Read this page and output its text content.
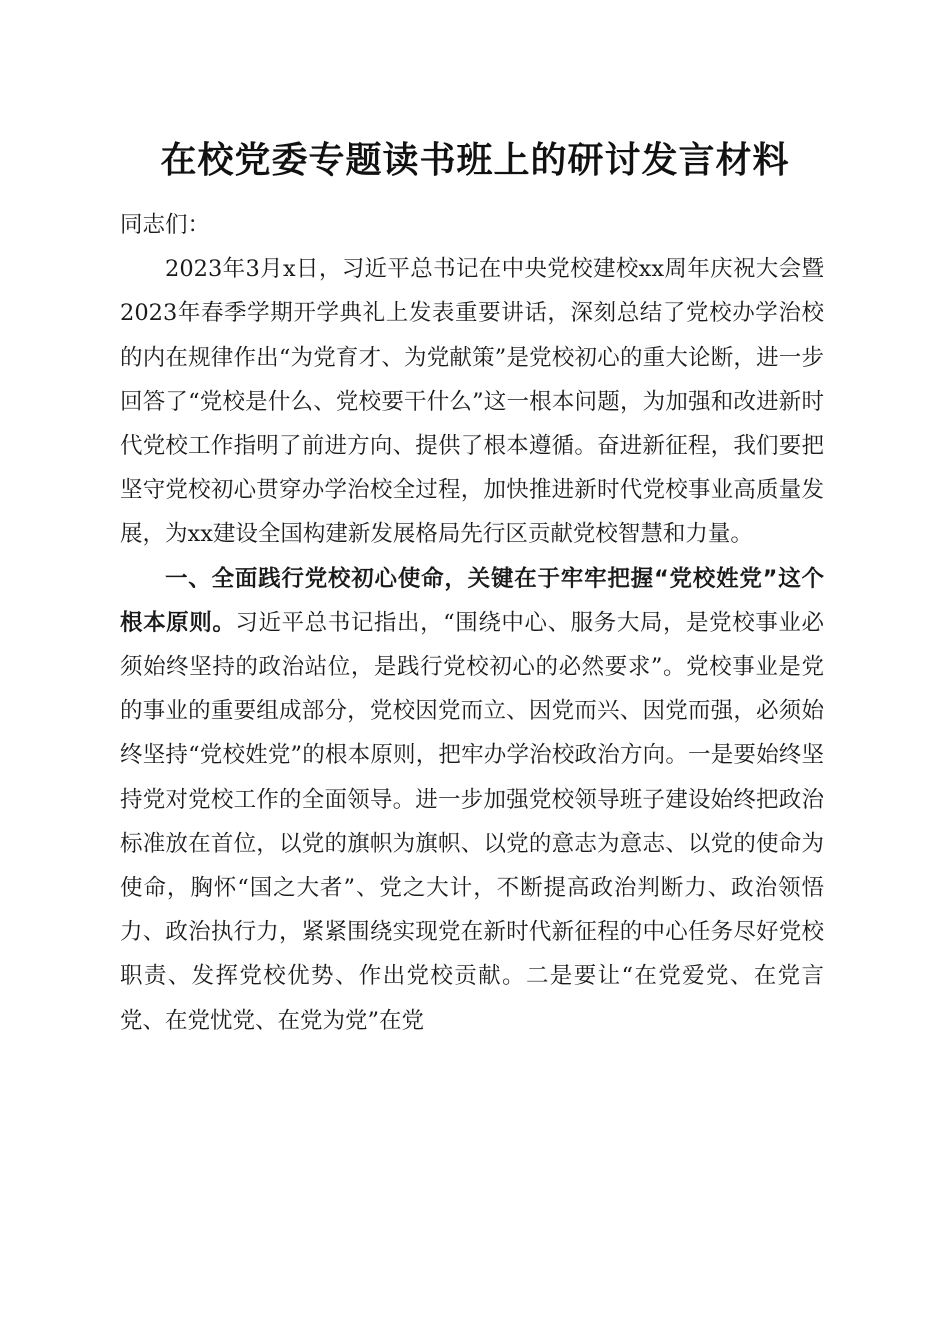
在校党委专题读书班上的研讨发言材料

同志们：

2023年3月x日，习近平总书记在中央党校建校xx周年庆祝大会暨2023年春季学期开学典礼上发表重要讲话，深刻总结了党校办学治校的内在规律作出“为党育才、为党献策”是党校初心的重大论断，进一步回答了“党校是什么、党校要干什么”这一根本问题，为加强和改进新时代党校工作指明了前进方向、提供了根本遵循。奋进新征程，我们要把坚守党校初心贯穿办学治校全过程，加快推进新时代党校事业高质量发展，为xx建设全国构建新发展格局先行区贡献党校智慧和力量。

一、全面践行党校初心使命，关键在于牢牢把握“党校姓党”这个根本原则。习近平总书记指出，“围绕中心、服务大局，是党校事业必须始终坚持的政治站位，是践行党校初心的必然要求”。党校事业是党的事业的重要组成部分，党校因党而立、因党而兴、因党而强，必须始终坚持“党校姓党”的根本原则，把牢办学治校政治方向。一是要始终坚持党对党校工作的全面领导。进一步加强党校领导班子建设始终把政治标准放在首位，以党的旗帜为旗帜、以党的意志为意志、以党的使命为使命，胸怀“国之大者”、党之大计，不断提高政治判断力、政治领悟力、政治执行力，紧紧围绕实现党在新时代新征程的中心任务尽好党校职责、发挥党校优势、作出党校贡献。二是要让“在党爱党、在党言党、在党忧党、在党为党”在党
